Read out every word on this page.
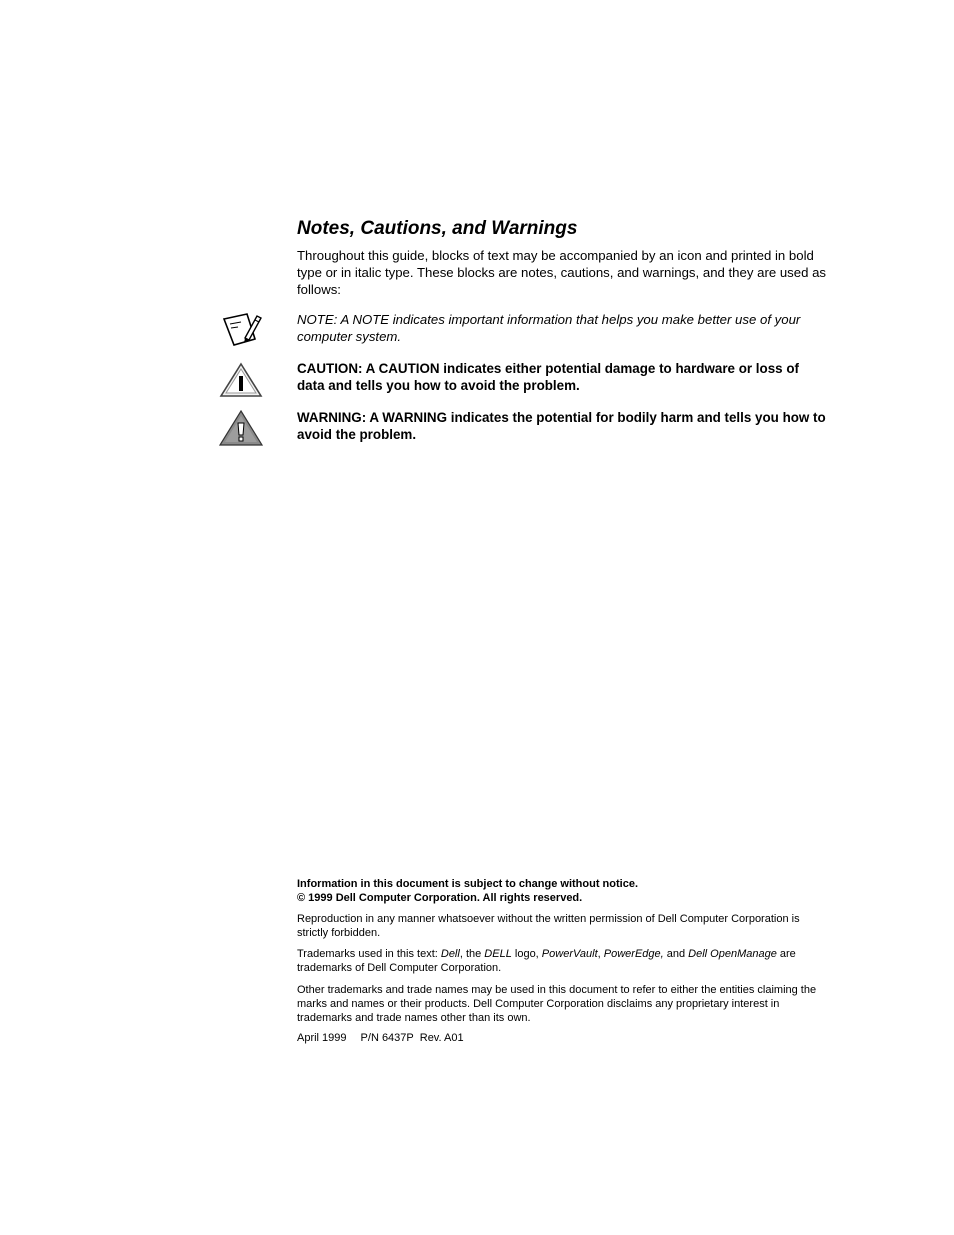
Notes, Cautions, and Warnings

Throughout this guide, blocks of text may be accompanied by an icon and printed in bold type or in italic type. These blocks are notes, cautions, and warnings, and they are used as follows:

NOTE: A NOTE indicates important information that helps you make better use of your computer system.

CAUTION: A CAUTION indicates either potential damage to hardware or loss of data and tells you how to avoid the problem.

WARNING: A WARNING indicates the potential for bodily harm and tells you how to avoid the problem.

Information in this document is subject to change without notice.
© 1999 Dell Computer Corporation. All rights reserved.

Reproduction in any manner whatsoever without the written permission of Dell Computer Corporation is strictly forbidden.

Trademarks used in this text: Dell, the DELL logo, PowerVault, PowerEdge, and Dell OpenManage are trademarks of Dell Computer Corporation.

Other trademarks and trade names may be used in this document to refer to either the entities claiming the marks and names or their products. Dell Computer Corporation disclaims any proprietary interest in trademarks and trade names other than its own.

April 1999 P/N 6437P Rev. A01
